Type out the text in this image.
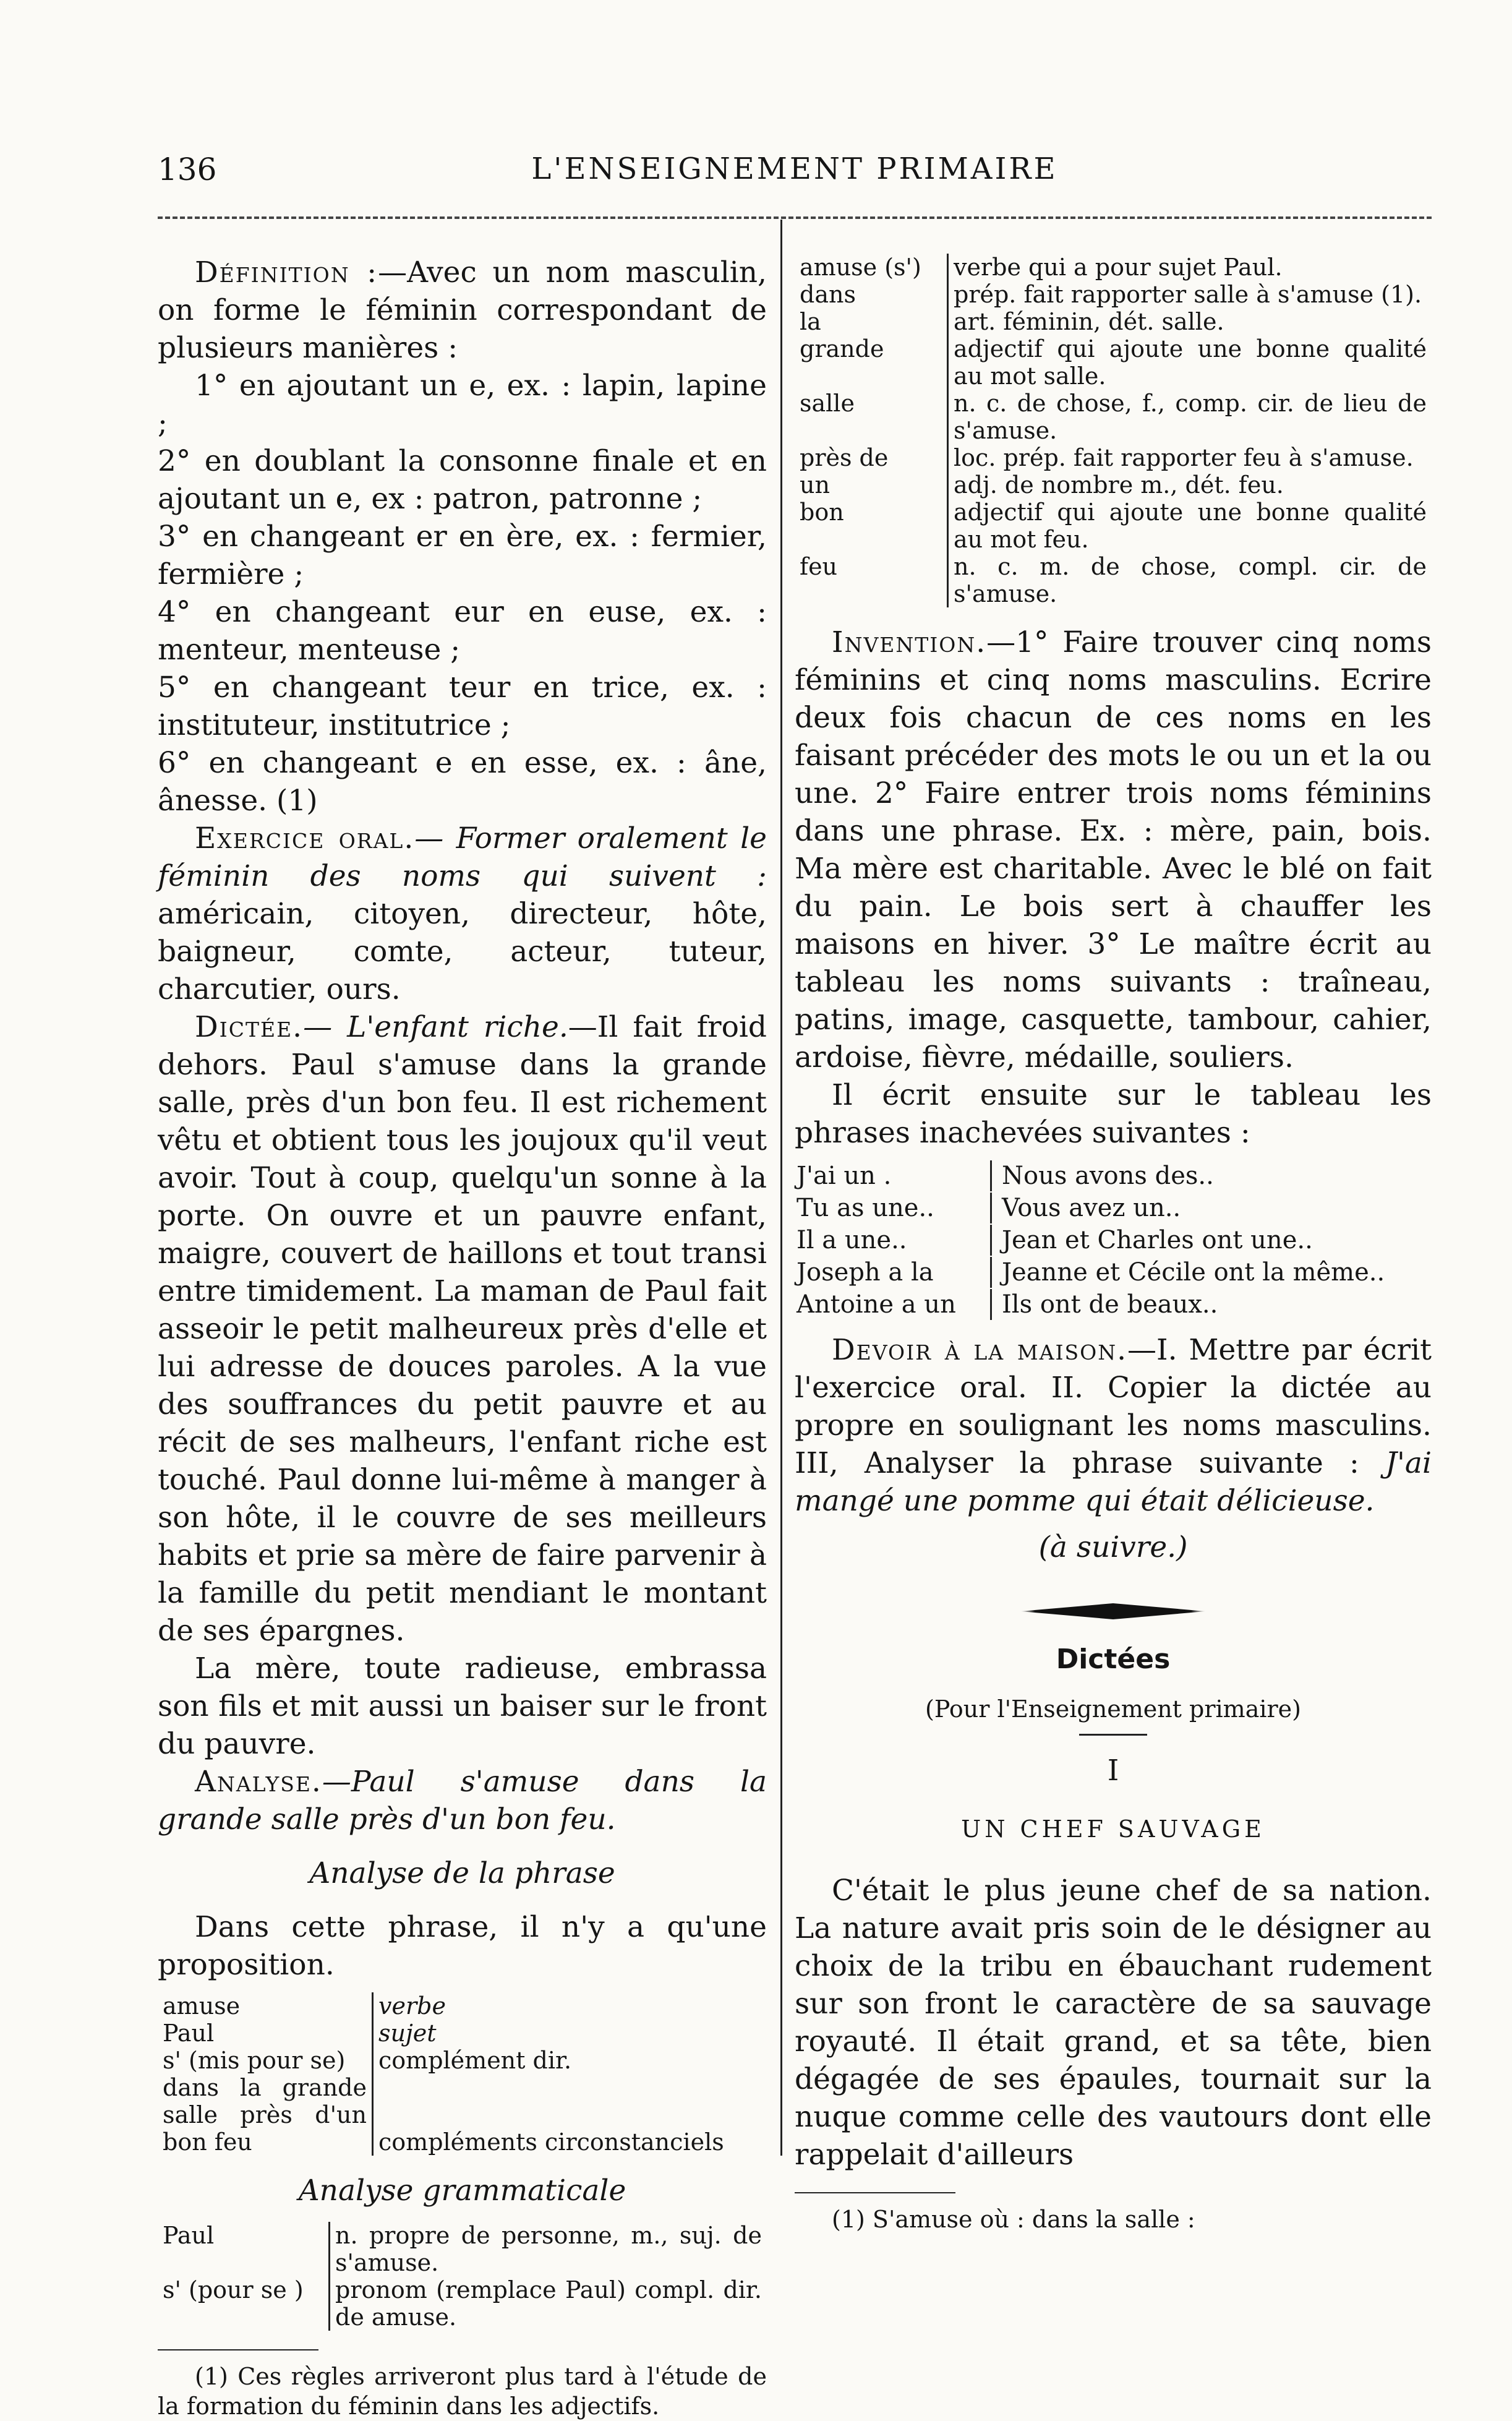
136	L'ENSEIGNEMENT PRIMAIRE

Définition :—Avec un nom masculin, on forme le féminin correspondant de plusieurs manières :

1° en ajoutant un e, ex. : lapin, lapine ;

2° en doublant la consonne finale et en ajoutant un e, ex : patron, patronne ;

3° en changeant er en ère, ex. : fermier, fermière ;

4° en changeant eur en euse, ex. : menteur, menteuse ;

5° en changeant teur en trice, ex. : instituteur, institutrice ;

6° en changeant e en esse, ex. : âne, ânesse. (1)

Exercice oral.— Former oralement le féminin des noms qui suivent : américain, citoyen, directeur, hôte, baigneur, comte, acteur, tuteur, charcutier, ours.

Dictée.— L'enfant riche.—Il fait froid dehors. Paul s'amuse dans la grande salle, près d'un bon feu. Il est richement vêtu et obtient tous les joujoux qu'il veut avoir. Tout à coup, quelqu'un sonne à la porte. On ouvre et un pauvre enfant, maigre, couvert de haillons et tout transi entre timidement. La maman de Paul fait asseoir le petit malheureux près d'elle et lui adresse de douces paroles. A la vue des souffrances du petit pauvre et au récit de ses malheurs, l'enfant riche est touché. Paul donne lui-même à manger à son hôte, il le couvre de ses meilleurs habits et prie sa mère de faire parvenir à la famille du petit mendiant le montant de ses épargnes.

La mère, toute radieuse, embrassa son fils et mit aussi un baiser sur le front du pauvre.

Analyse.—Paul s'amuse dans la grande salle près d'un bon feu.

Analyse de la phrase

Dans cette phrase, il n'y a qu'une proposition.

amuse	verbe
Paul	sujet
s' (mis pour se)	complément dir.
dans la grande salle près d'un bon feu	compléments circonstanciels

Analyse grammaticale

Paul	n. propre de personne, m., suj. de s'amuse.
s' (pour se )	pronom (remplace Paul) compl. dir. de amuse.

(1) Ces règles arriveront plus tard à l'étude de la formation du féminin dans les adjectifs.

amuse (s')	verbe qui a pour sujet Paul.
dans	prép. fait rapporter salle à s'amuse (1).
la	art. féminin, dét. salle.
grande	adjectif qui ajoute une bonne qualité au mot salle.
salle	n. c. de chose, f., comp. cir. de lieu de s'amuse.
près de	loc. prép. fait rapporter feu à s'amuse.
un	adj. de nombre m., dét. feu.
bon	adjectif qui ajoute une bonne qualité au mot feu.
feu	n. c. m. de chose, compl. cir. de s'amuse.

Invention.—1° Faire trouver cinq noms féminins et cinq noms masculins. Ecrire deux fois chacun de ces noms en les faisant précéder des mots le ou un et la ou une. 2° Faire entrer trois noms féminins dans une phrase. Ex. : mère, pain, bois. Ma mère est charitable. Avec le blé on fait du pain. Le bois sert à chauffer les maisons en hiver. 3° Le maître écrit au tableau les noms suivants : traîneau, patins, image, casquette, tambour, cahier, ardoise, fièvre, médaille, souliers.

Il écrit ensuite sur le tableau les phrases inachevées suivantes :

J'ai un .	Nous avons des..
Tu as une..	Vous avez un..
Il a une..	Jean et Charles ont une..
Joseph a la	Jeanne et Cécile ont la même..
Antoine a un	Ils ont de beaux..

Devoir à la maison.—I. Mettre par écrit l'exercice oral. II. Copier la dictée au propre en soulignant les noms masculins. III, Analyser la phrase suivante : J'ai mangé une pomme qui était délicieuse.

(à suivre.)

Dictées

(Pour l'Enseignement primaire)

I

UN CHEF SAUVAGE

C'était le plus jeune chef de sa nation. La nature avait pris soin de le désigner au choix de la tribu en ébauchant rudement sur son front le caractère de sa sauvage royauté. Il était grand, et sa tête, bien dégagée de ses épaules, tournait sur la nuque comme celle des vautours dont elle rappelait d'ailleurs

(1) S'amuse où : dans la salle :
